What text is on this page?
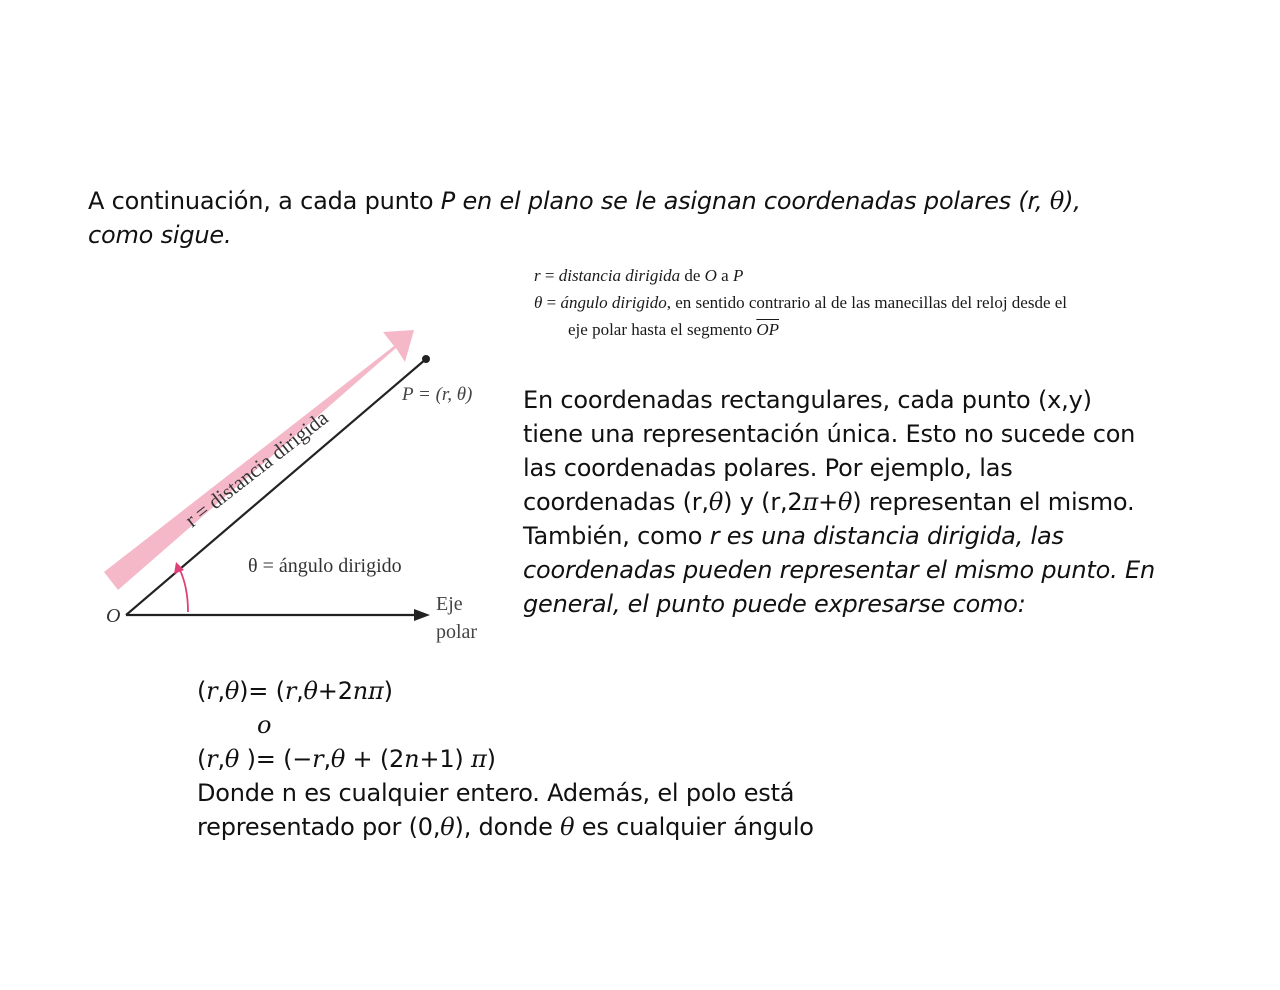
A continuación, a cada punto P en el plano se le asignan coordenadas polares (r, θ),
como sigue.
r = distancia dirigida de O a P
θ = ángulo dirigido, en sentido contrario al de las manecillas del reloj desde el
eje polar hasta el segmento $\overline{OP}$
P = (r, θ)
r = distancia dirigida
θ = ángulo dirigido
O
Eje
polar
En coordenadas rectangulares, cada punto (x,y)
tiene una representación única. Esto no sucede con
las coordenadas polares. Por ejemplo, las
coordenadas (r,θ) y (r,2π+θ) representan el mismo.
También, como r es una distancia dirigida, las
coordenadas pueden representar el mismo punto. En
general, el punto puede expresarse como:
(r,θ)= (r,θ+2nπ)
o
(r,θ )= (−r,θ + (2n+1) π)
Donde n es cualquier entero. Además, el polo está
representado por (0,θ), donde θ es cualquier ángulo
